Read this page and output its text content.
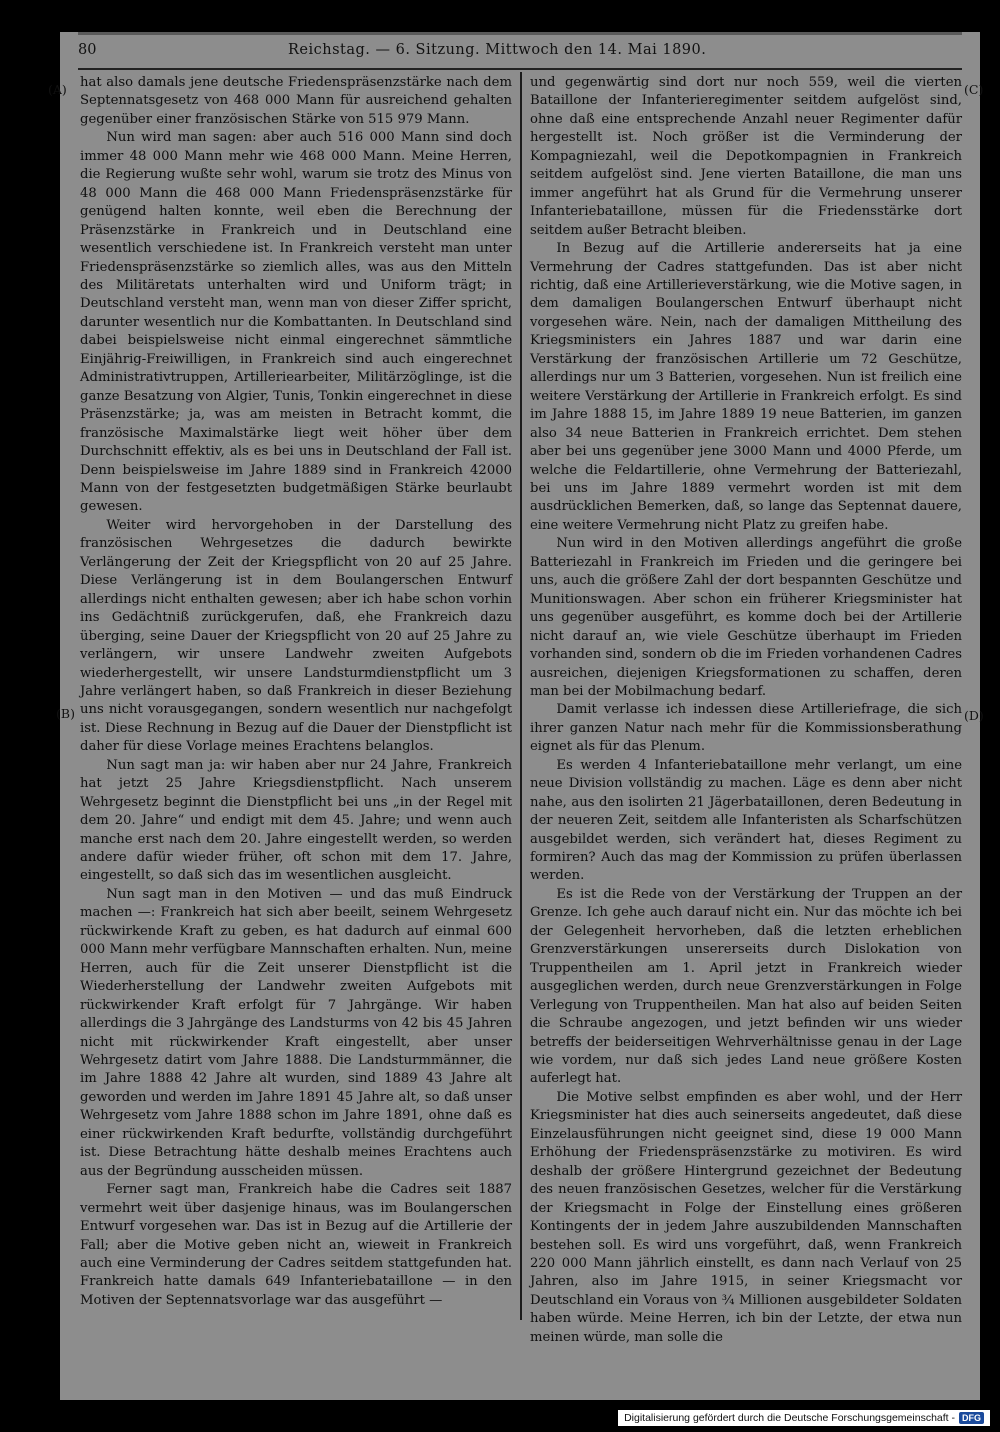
80	Reichstag. — 6. Sitzung. Mittwoch den 14. Mai 1890.

hat also damals jene deutsche Friedenspräsenzstärke nach dem Septennatsgesetz von 468 000 Mann für ausreichend gehalten gegenüber einer französischen Stärke von 515 979 Mann.

Nun wird man sagen: aber auch 516 000 Mann sind doch immer 48 000 Mann mehr wie 468 000 Mann. Meine Herren, die Regierung wußte sehr wohl, warum sie trotz des Minus von 48 000 Mann die 468 000 Mann Friedenspräsenzstärke für genügend halten konnte, weil eben die Berechnung der Präsenzstärke in Frankreich und in Deutschland eine wesentlich verschiedene ist. In Frankreich versteht man unter Friedenspräsenzstärke so ziemlich alles, was aus den Mitteln des Militäretats unterhalten wird und Uniform trägt; in Deutschland versteht man, wenn man von dieser Ziffer spricht, darunter wesentlich nur die Kombattanten. In Deutschland sind dabei beispielsweise nicht einmal eingerechnet sämmtliche Einjährig-Freiwilligen, in Frankreich sind auch eingerechnet Administrativtruppen, Artilleriearbeiter, Militärzöglinge, ist die ganze Besatzung von Algier, Tunis, Tonkin eingerechnet in diese Präsenzstärke; ja, was am meisten in Betracht kommt, die französische Maximalstärke liegt weit höher über dem Durchschnitt effektiv, als es bei uns in Deutschland der Fall ist. Denn beispielsweise im Jahre 1889 sind in Frankreich 42000 Mann von der festgesetzten budgetmäßigen Stärke beurlaubt gewesen.

Weiter wird hervorgehoben in der Darstellung des französischen Wehrgesetzes die dadurch bewirkte Verlängerung der Zeit der Kriegspflicht von 20 auf 25 Jahre. Diese Verlängerung ist in dem Boulangerschen Entwurf allerdings nicht enthalten gewesen; aber ich habe schon vorhin ins Gedächtniß zurückgerufen, daß, ehe Frankreich dazu überging, seine Dauer der Kriegspflicht von 20 auf 25 Jahre zu verlängern, wir unsere Landwehr zweiten Aufgebots wiederhergestellt, wir unsere Landsturmdienstpflicht um 3 Jahre verlängert haben, so daß Frankreich in dieser Beziehung uns nicht vorausgegangen, sondern wesentlich nur nachgefolgt ist. Diese Rechnung in Bezug auf die Dauer der Dienstpflicht ist daher für diese Vorlage meines Erachtens belanglos.

Nun sagt man ja: wir haben aber nur 24 Jahre, Frankreich hat jetzt 25 Jahre Kriegsdienstpflicht. Nach unserem Wehrgesetz beginnt die Dienstpflicht bei uns „in der Regel mit dem 20. Jahre“ und endigt mit dem 45. Jahre; und wenn auch manche erst nach dem 20. Jahre eingestellt werden, so werden andere dafür wieder früher, oft schon mit dem 17. Jahre, eingestellt, so daß sich das im wesentlichen ausgleicht.

Nun sagt man in den Motiven — und das muß Eindruck machen —: Frankreich hat sich aber beeilt, seinem Wehrgesetz rückwirkende Kraft zu geben, es hat dadurch auf einmal 600 000 Mann mehr verfügbare Mannschaften erhalten. Nun, meine Herren, auch für die Zeit unserer Dienstpflicht ist die Wiederherstellung der Landwehr zweiten Aufgebots mit rückwirkender Kraft erfolgt für 7 Jahrgänge. Wir haben allerdings die 3 Jahrgänge des Landsturms von 42 bis 45 Jahren nicht mit rückwirkender Kraft eingestellt, aber unser Wehrgesetz datirt vom Jahre 1888. Die Landsturmmänner, die im Jahre 1888 42 Jahre alt wurden, sind 1889 43 Jahre alt geworden und werden im Jahre 1891 45 Jahre alt, so daß unser Wehrgesetz vom Jahre 1888 schon im Jahre 1891, ohne daß es einer rückwirkenden Kraft bedurfte, vollständig durchgeführt ist. Diese Betrachtung hätte deshalb meines Erachtens auch aus der Begründung ausscheiden müssen.

Ferner sagt man, Frankreich habe die Cadres seit 1887 vermehrt weit über dasjenige hinaus, was im Boulangerschen Entwurf vorgesehen war. Das ist in Bezug auf die Artillerie der Fall; aber die Motive geben nicht an, wieweit in Frankreich auch eine Verminderung der Cadres seitdem stattgefunden hat. Frankreich hatte damals 649 Infanteriebataillone — in den Motiven der Septennatsvorlage war das ausgeführt —

und gegenwärtig sind dort nur noch 559, weil die vierten Bataillone der Infanterieregimenter seitdem aufgelöst sind, ohne daß eine entsprechende Anzahl neuer Regimenter dafür hergestellt ist. Noch größer ist die Verminderung der Kompagniezahl, weil die Depotkompagnien in Frankreich seitdem aufgelöst sind. Jene vierten Bataillone, die man uns immer angeführt hat als Grund für die Vermehrung unserer Infanteriebataillone, müssen für die Friedensstärke dort seitdem außer Betracht bleiben.

In Bezug auf die Artillerie andererseits hat ja eine Vermehrung der Cadres stattgefunden. Das ist aber nicht richtig, daß eine Artillerieverstärkung, wie die Motive sagen, in dem damaligen Boulangerschen Entwurf überhaupt nicht vorgesehen wäre. Nein, nach der damaligen Mittheilung des Kriegsministers ein Jahres 1887 und war darin eine Verstärkung der französischen Artillerie um 72 Geschütze, allerdings nur um 3 Batterien, vorgesehen. Nun ist freilich eine weitere Verstärkung der Artillerie in Frankreich erfolgt. Es sind im Jahre 1888 15, im Jahre 1889 19 neue Batterien, im ganzen also 34 neue Batterien in Frankreich errichtet. Dem stehen aber bei uns gegenüber jene 3000 Mann und 4000 Pferde, um welche die Feldartillerie, ohne Vermehrung der Batteriezahl, bei uns im Jahre 1889 vermehrt worden ist mit dem ausdrücklichen Bemerken, daß, so lange das Septennat dauere, eine weitere Vermehrung nicht Platz zu greifen habe.

Nun wird in den Motiven allerdings angeführt die große Batteriezahl in Frankreich im Frieden und die geringere bei uns, auch die größere Zahl der dort bespannten Geschütze und Munitionswagen. Aber schon ein früherer Kriegsminister hat uns gegenüber ausgeführt, es komme doch bei der Artillerie nicht darauf an, wie viele Geschütze überhaupt im Frieden vorhanden sind, sondern ob die im Frieden vorhandenen Cadres ausreichen, diejenigen Kriegsformationen zu schaffen, deren man bei der Mobilmachung bedarf.

Damit verlasse ich indessen diese Artilleriefrage, die sich ihrer ganzen Natur nach mehr für die Kommissionsberathung eignet als für das Plenum.

Es werden 4 Infanteriebataillone mehr verlangt, um eine neue Division vollständig zu machen. Läge es denn aber nicht nahe, aus den isolirten 21 Jägerbataillonen, deren Bedeutung in der neueren Zeit, seitdem alle Infanteristen als Scharfschützen ausgebildet werden, sich verändert hat, dieses Regiment zu formiren? Auch das mag der Kommission zu prüfen überlassen werden.

Es ist die Rede von der Verstärkung der Truppen an der Grenze. Ich gehe auch darauf nicht ein. Nur das möchte ich bei der Gelegenheit hervorheben, daß die letzten erheblichen Grenzverstärkungen unsererseits durch Dislokation von Truppentheilen am 1. April jetzt in Frankreich wieder ausgeglichen werden, durch neue Grenzverstärkungen in Folge Verlegung von Truppentheilen. Man hat also auf beiden Seiten die Schraube angezogen, und jetzt befinden wir uns wieder betreffs der beiderseitigen Wehrverhältnisse genau in der Lage wie vordem, nur daß sich jedes Land neue größere Kosten auferlegt hat.

Die Motive selbst empfinden es aber wohl, und der Herr Kriegsminister hat dies auch seinerseits angedeutet, daß diese Einzelausführungen nicht geeignet sind, diese 19 000 Mann Erhöhung der Friedenspräsenzstärke zu motiviren. Es wird deshalb der größere Hintergrund gezeichnet der Bedeutung des neuen französischen Gesetzes, welcher für die Verstärkung der Kriegsmacht in Folge der Einstellung eines größeren Kontingents der in jedem Jahre auszubildenden Mannschaften bestehen soll. Es wird uns vorgeführt, daß, wenn Frankreich 220 000 Mann jährlich einstellt, es dann nach Verlauf von 25 Jahren, also im Jahre 1915, in seiner Kriegsmacht vor Deutschland ein Voraus von ¾ Millionen ausgebildeter Soldaten haben würde. Meine Herren, ich bin der Letzte, der etwa nun meinen würde, man solle die

(A)
(B)
(C)
(D)
Digitalisierung gefördert durch die Deutsche Forschungsgemeinschaft - DFG
